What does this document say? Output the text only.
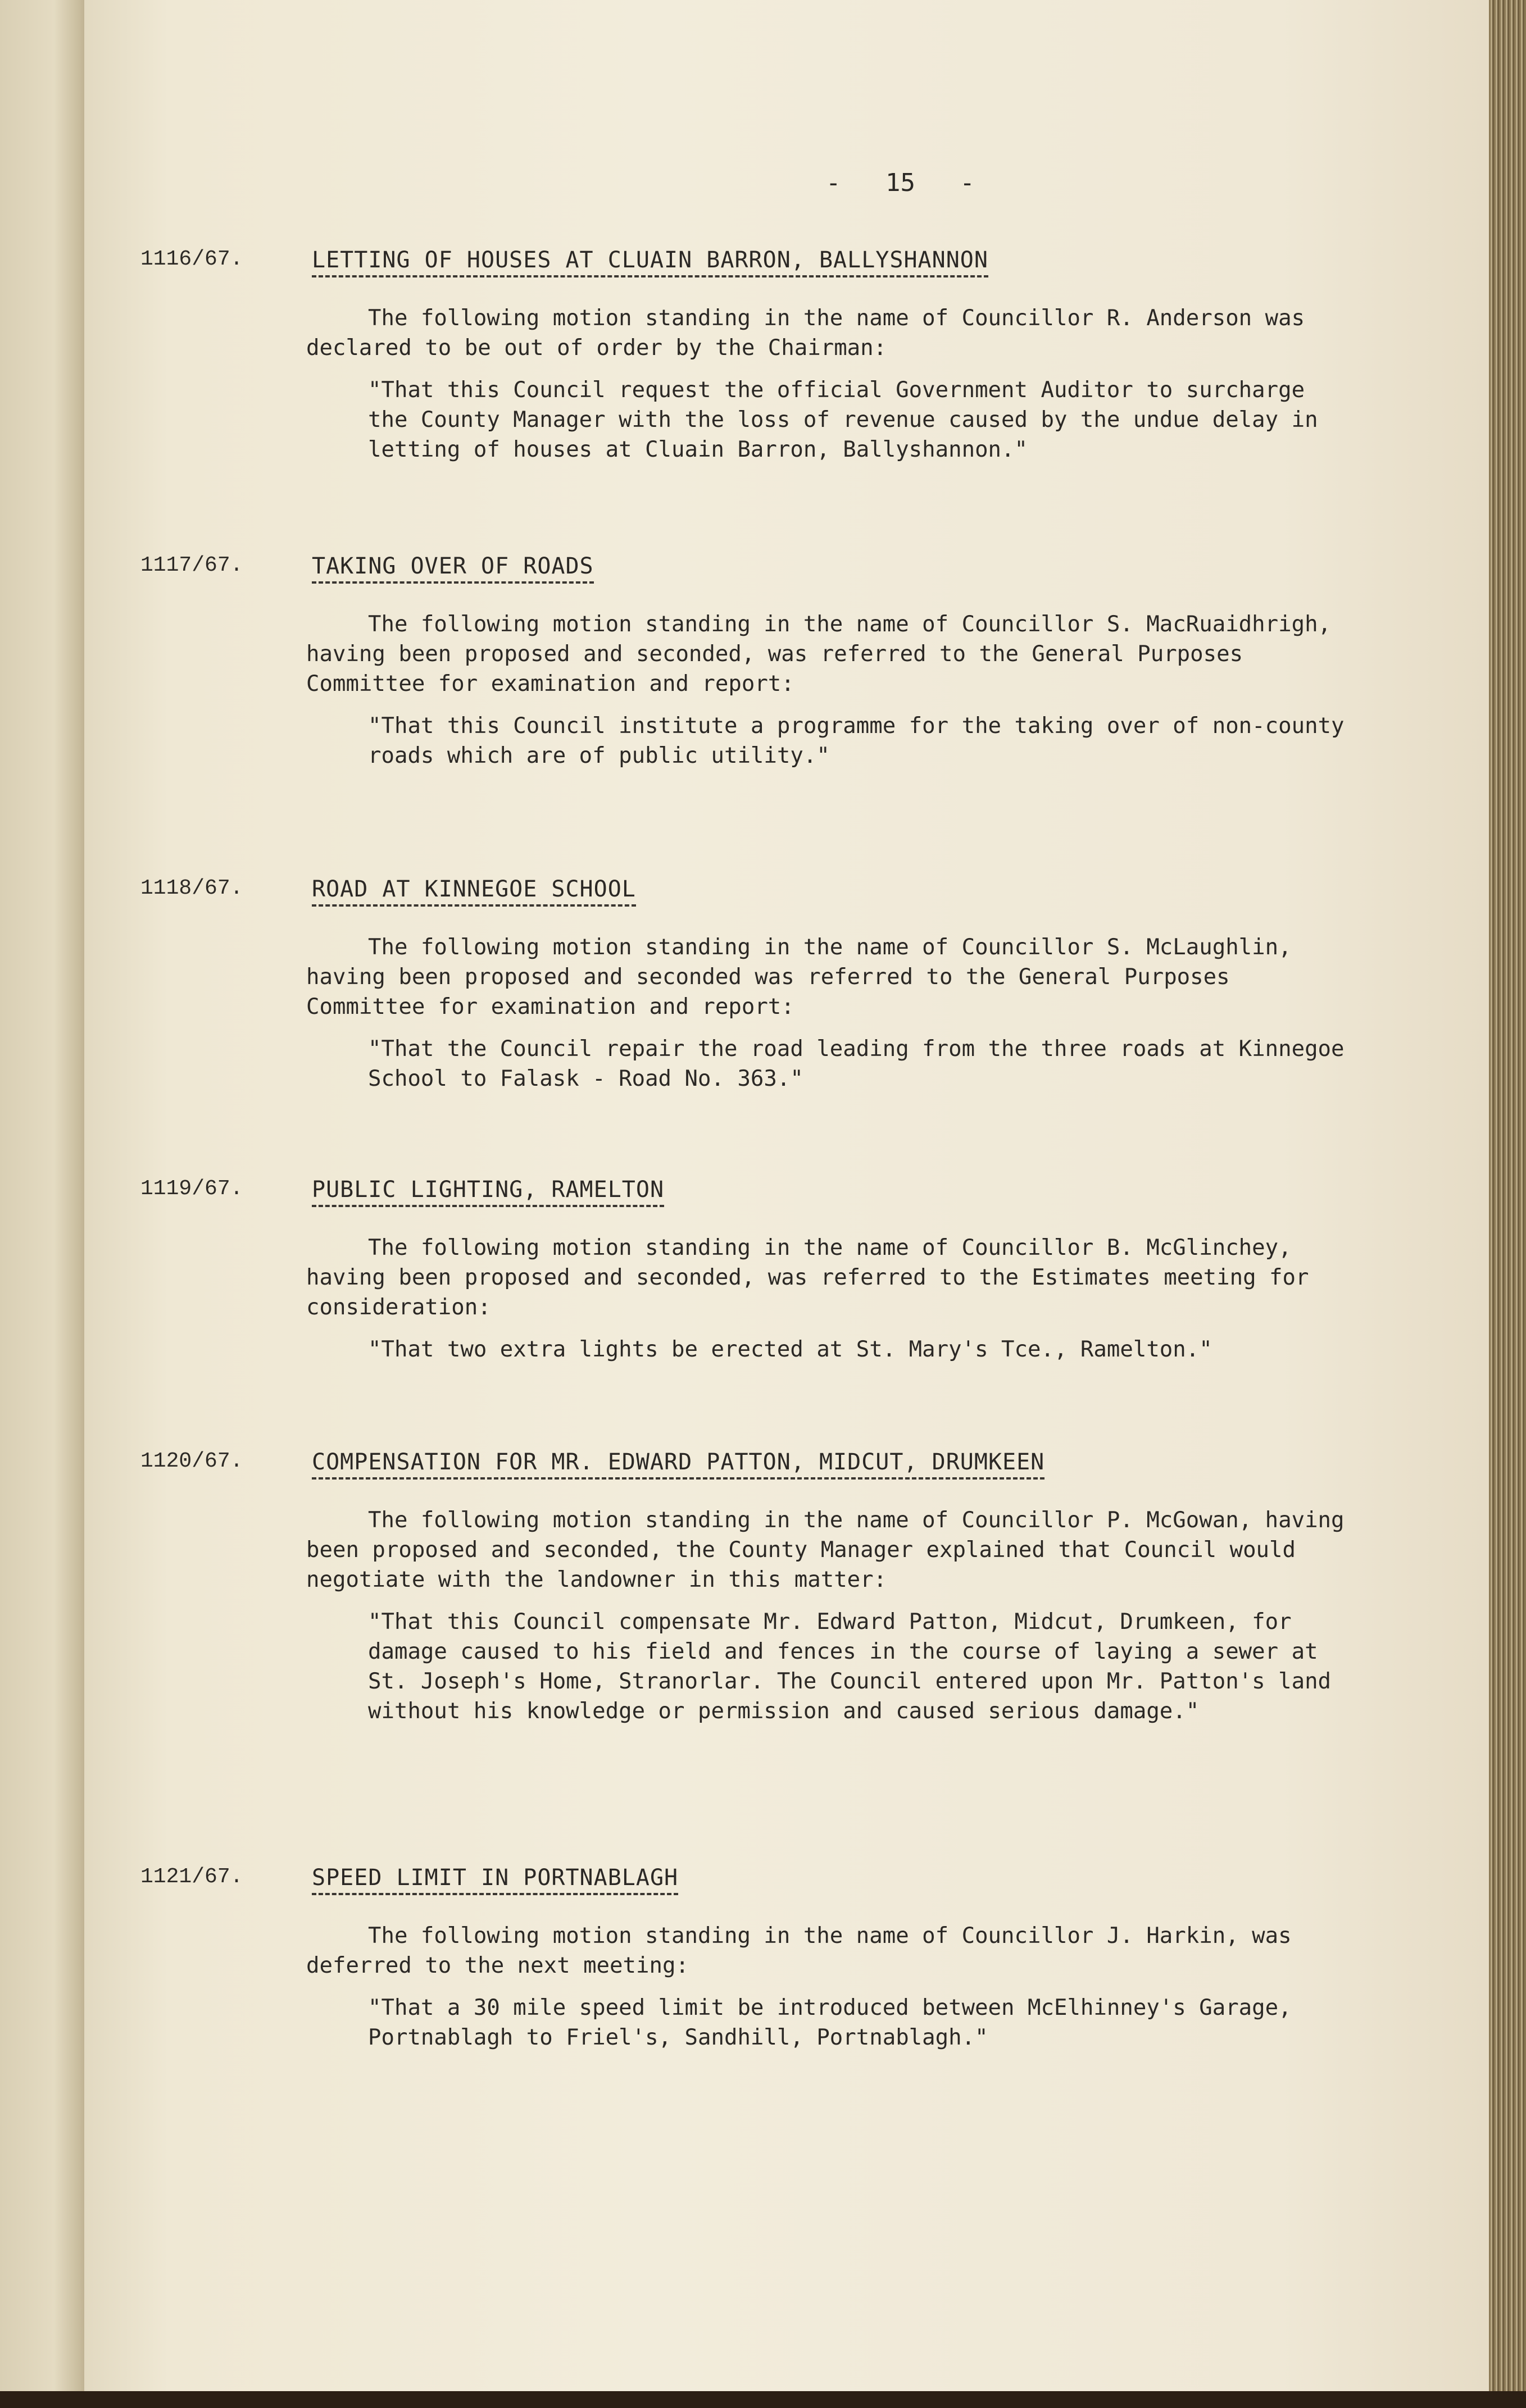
-   15   -
1116/67.	LETTING OF HOUSES AT CLUAIN BARRON, BALLYSHANNON

The following motion standing in the name of Councillor R. Anderson was declared to be out of order by the Chairman:

"That this Council request the official Government Auditor to surcharge the County Manager with the loss of revenue caused by the undue delay in letting of houses at Cluain Barron, Ballyshannon."

1117/67.	TAKING OVER OF ROADS

The following motion standing in the name of Councillor S. MacRuaidhrigh, having been proposed and seconded, was referred to the General Purposes Committee for examination and report:

"That this Council institute a programme for the taking over of non-county roads which are of public utility."

1118/67.	ROAD AT KINNEGOE SCHOOL

The following motion standing in the name of Councillor S. McLaughlin, having been proposed and seconded was referred to the General Purposes Committee for examination and report:

"That the Council repair the road leading from the three roads at Kinnegoe School to Falask - Road No. 363."

1119/67.	PUBLIC LIGHTING, RAMELTON

The following motion standing in the name of Councillor B. McGlinchey, having been proposed and seconded, was referred to the Estimates meeting for consideration:

"That two extra lights be erected at St. Mary's Tce., Ramelton."

1120/67.	COMPENSATION FOR MR. EDWARD PATTON, MIDCUT, DRUMKEEN

The following motion standing in the name of Councillor P. McGowan, having been proposed and seconded, the County Manager explained that Council would negotiate with the landowner in this matter:

"That this Council compensate Mr. Edward Patton, Midcut, Drumkeen, for damage caused to his field and fences in the course of laying a sewer at St. Joseph's Home, Stranorlar. The Council entered upon Mr. Patton's land without his knowledge or permission and caused serious damage."

1121/67.	SPEED LIMIT IN PORTNABLAGH

The following motion standing in the name of Councillor J. Harkin, was deferred to the next meeting:

"That a 30 mile speed limit be introduced between McElhinney's Garage, Portnablagh to Friel's, Sandhill, Portnablagh."
